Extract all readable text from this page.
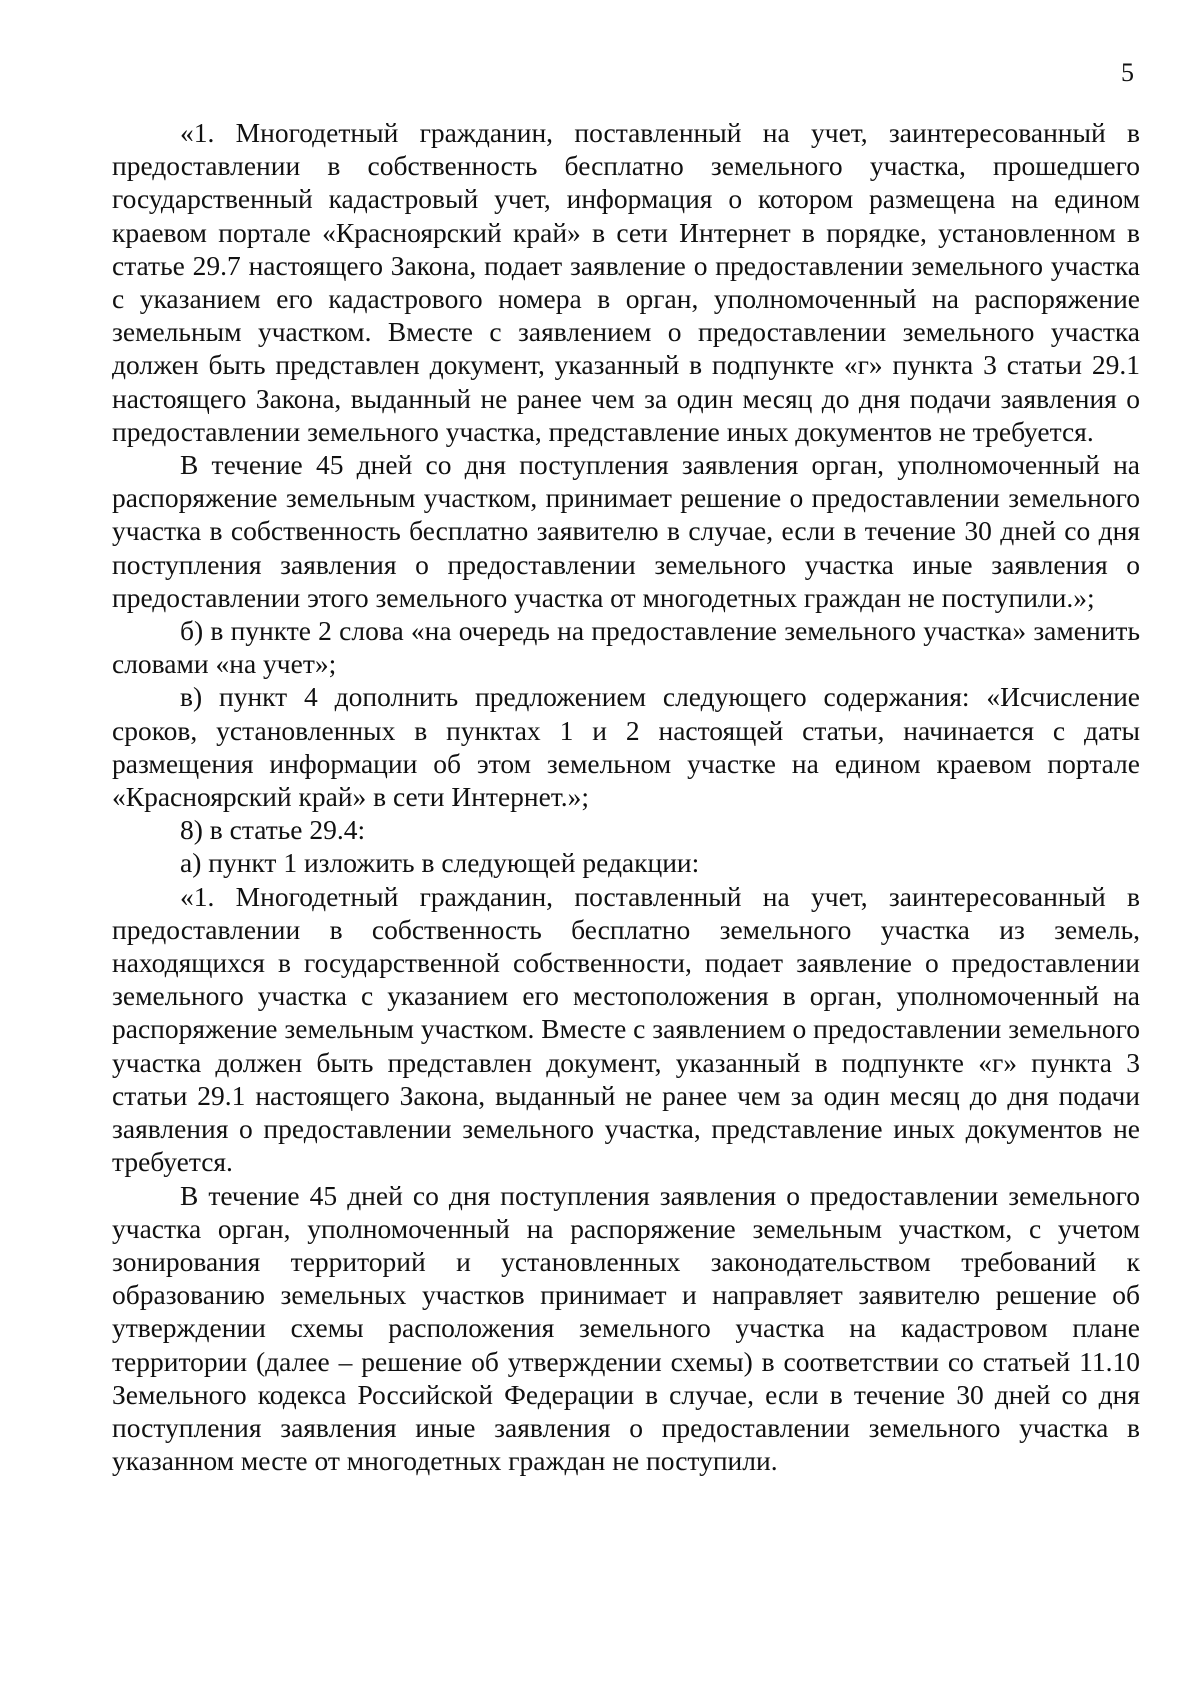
5

«1. Многодетный гражданин, поставленный на учет, заинтересованный в предоставлении в собственность бесплатно земельного участка, прошедшего государственный кадастровый учет, информация о котором размещена на едином краевом портале «Красноярский край» в сети Интернет в порядке, установленном в статье 29.7 настоящего Закона, подает заявление о предоставлении земельного участка с указанием его кадастрового номера в орган, уполномоченный на распоряжение земельным участком. Вместе с заявлением о предоставлении земельного участка должен быть представлен документ, указанный в подпункте «г» пункта 3 статьи 29.1 настоящего Закона, выданный не ранее чем за один месяц до дня подачи заявления о предоставлении земельного участка, представление иных документов не требуется.

В течение 45 дней со дня поступления заявления орган, уполномоченный на распоряжение земельным участком, принимает решение о предоставлении земельного участка в собственность бесплатно заявителю в случае, если в течение 30 дней со дня поступления заявления о предоставлении земельного участка иные заявления о предоставлении этого земельного участка от многодетных граждан не поступили.»;

б) в пункте 2 слова «на очередь на предоставление земельного участка» заменить словами «на учет»;

в) пункт 4 дополнить предложением следующего содержания: «Исчисление сроков, установленных в пунктах 1 и 2 настоящей статьи, начинается с даты размещения информации об этом земельном участке на едином краевом портале «Красноярский край» в сети Интернет.»;

8) в статье 29.4:

а) пункт 1 изложить в следующей редакции:

«1. Многодетный гражданин, поставленный на учет, заинтересованный в предоставлении в собственность бесплатно земельного участка из земель, находящихся в государственной собственности, подает заявление о предоставлении земельного участка с указанием его местоположения в орган, уполномоченный на распоряжение земельным участком. Вместе с заявлением о предоставлении земельного участка должен быть представлен документ, указанный в подпункте «г» пункта 3 статьи 29.1 настоящего Закона, выданный не ранее чем за один месяц до дня подачи заявления о предоставлении земельного участка, представление иных документов не требуется.

В течение 45 дней со дня поступления заявления о предоставлении земельного участка орган, уполномоченный на распоряжение земельным участком, с учетом зонирования территорий и установленных законодательством требований к образованию земельных участков принимает и направляет заявителю решение об утверждении схемы расположения земельного участка на кадастровом плане территории (далее – решение об утверждении схемы) в соответствии со статьей 11.10 Земельного кодекса Российской Федерации в случае, если в течение 30 дней со дня поступления заявления иные заявления о предоставлении земельного участка в указанном месте от многодетных граждан не поступили.
